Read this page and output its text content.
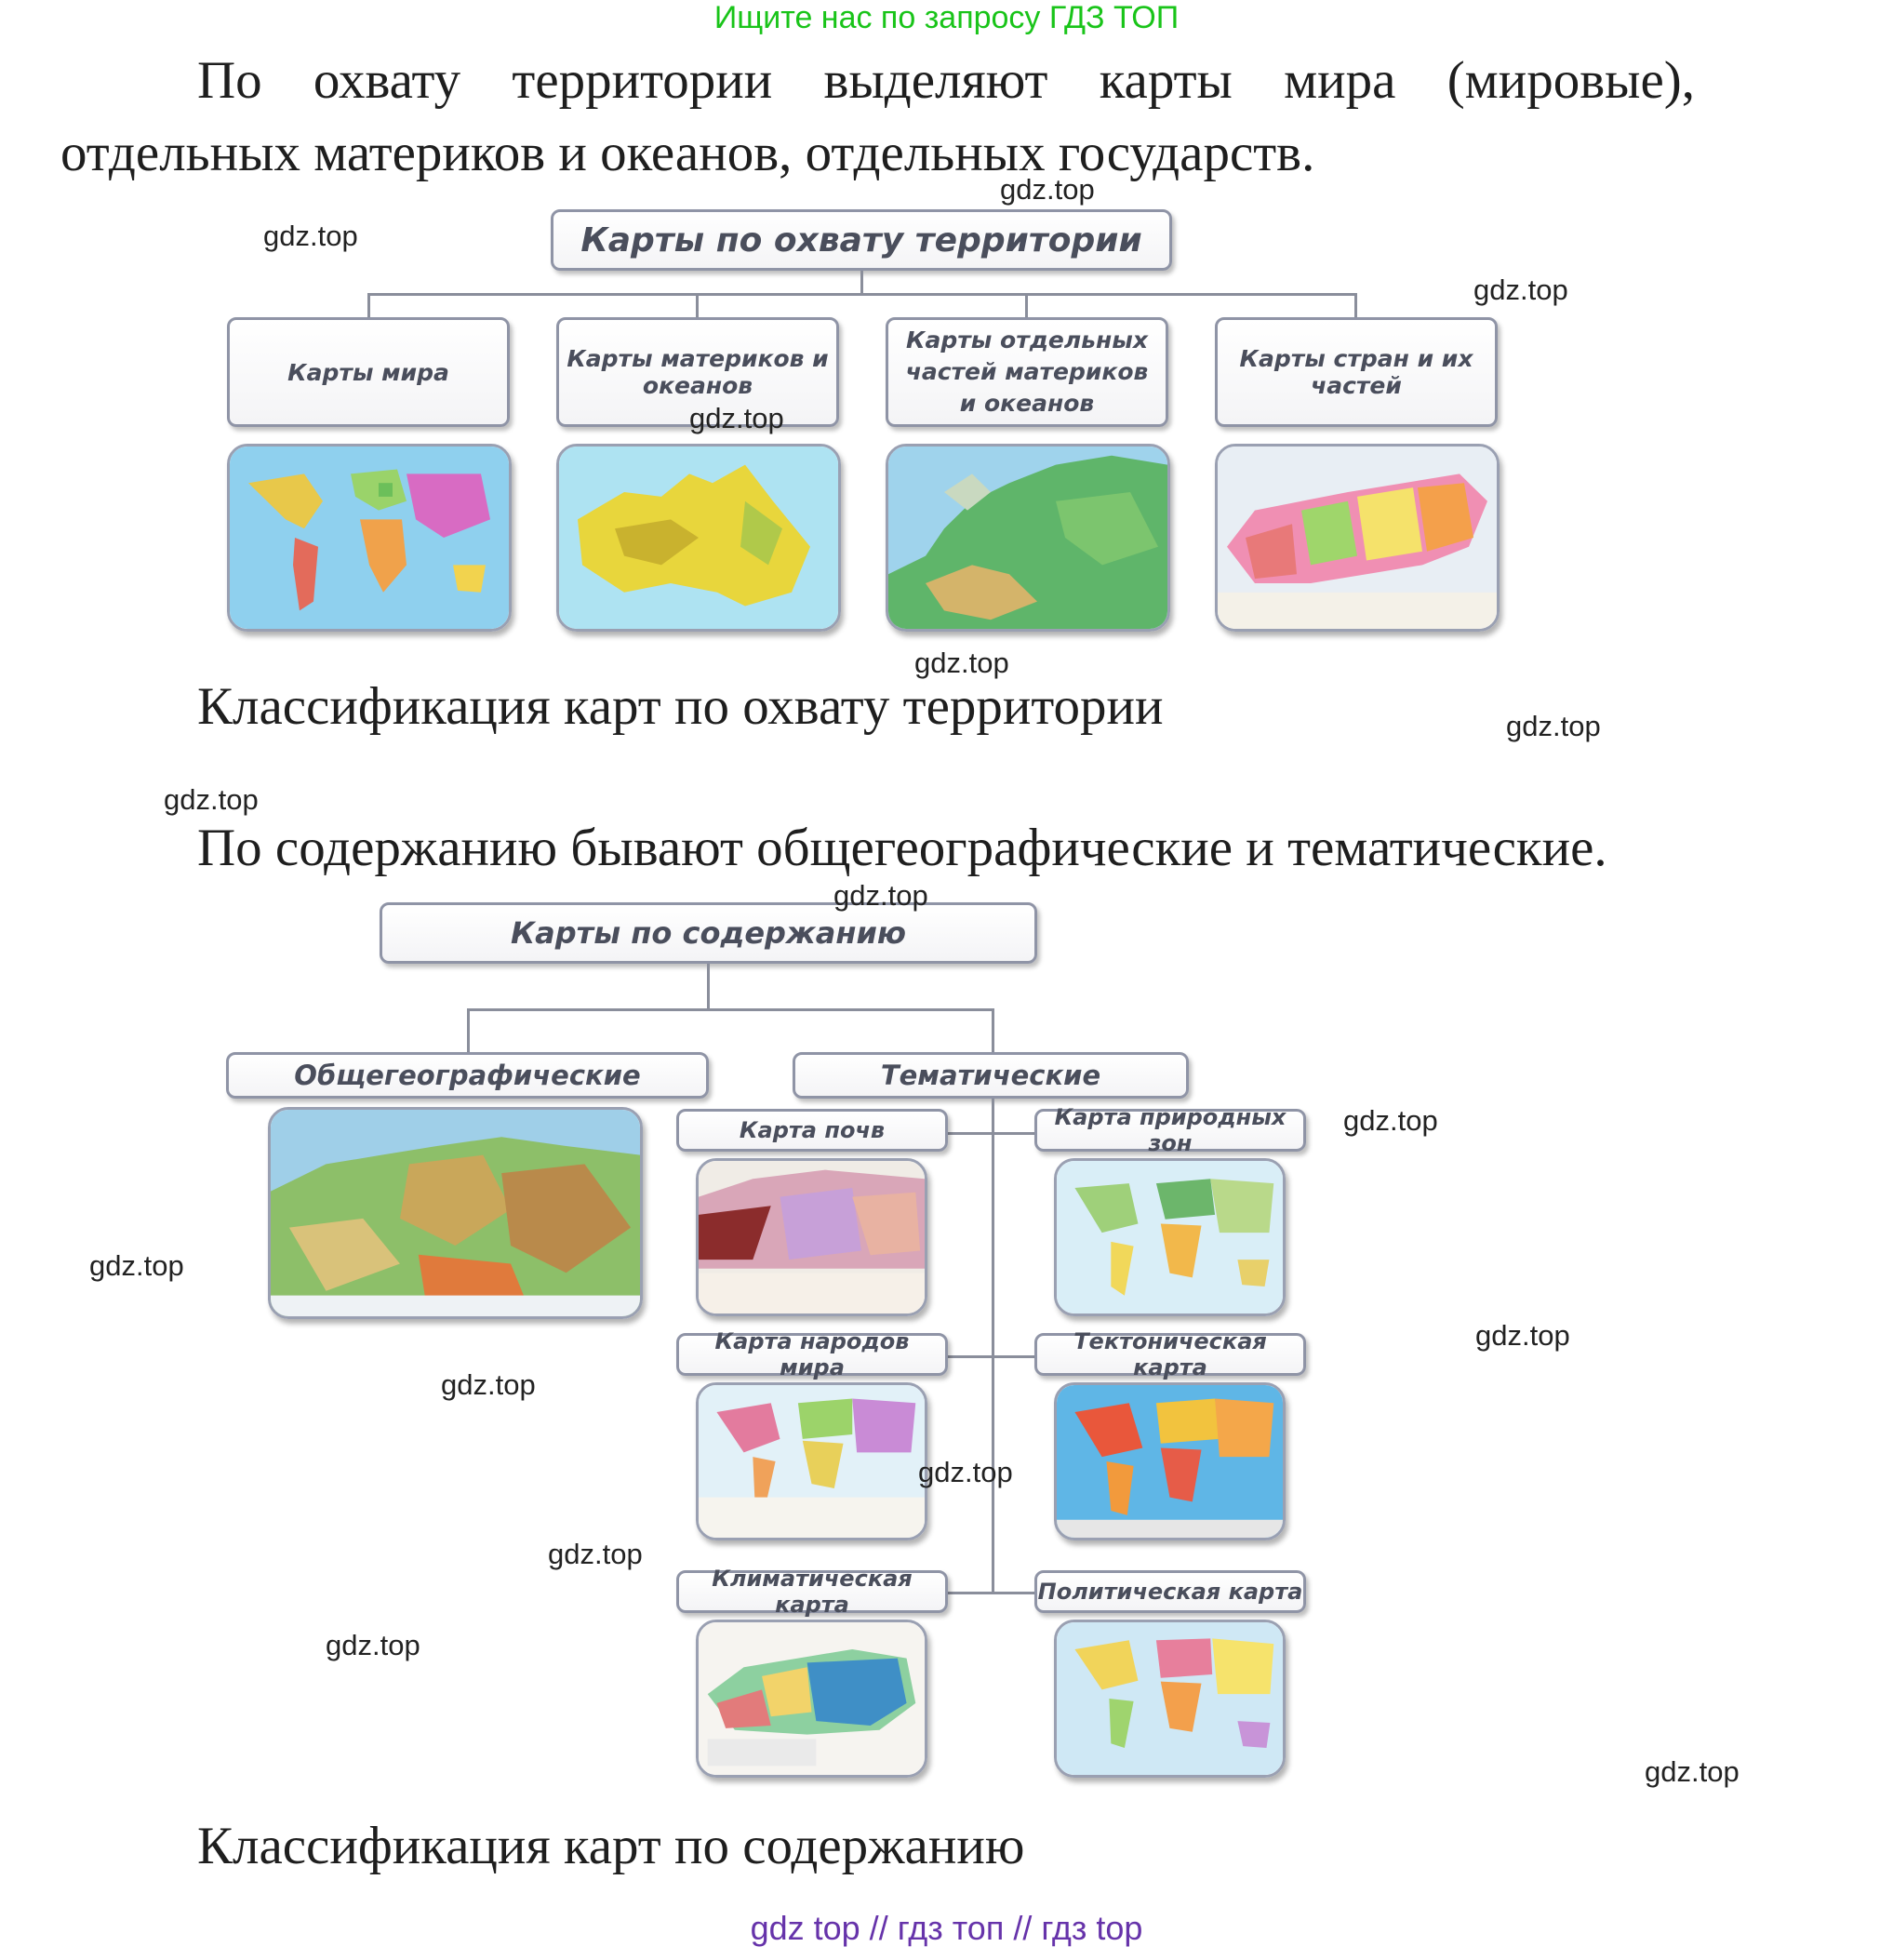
Ищите нас по запросу ГДЗ ТОП
По охвату территории выделяют карты мира (мировые),
отдельных материков и океанов, отдельных государств.
Карты по охвату территории
Карты мира	Карты материков и океанов
Карты отдельных частей материков и океанов
Карты стран и их частей
Классификация карт по охвату территории
По содержанию бывают общегеографические и тематические.
Карты по содержанию
Общегеографические	Тематические
Карта почв	Карта природных зон
Карта народов мира
Тектоническая карта
Климатическая карта	Политическая карта
Классификация карт по содержанию
gdz.top
gdz.top
gdz.top
gdz.top
gdz.top
gdz.top
gdz.top
gdz.top
gdz.top
gdz.top
gdz.top
gdz.top
gdz.top
gdz.top
gdz.top
gdz.top
gdz top // гдз топ // гдз top
